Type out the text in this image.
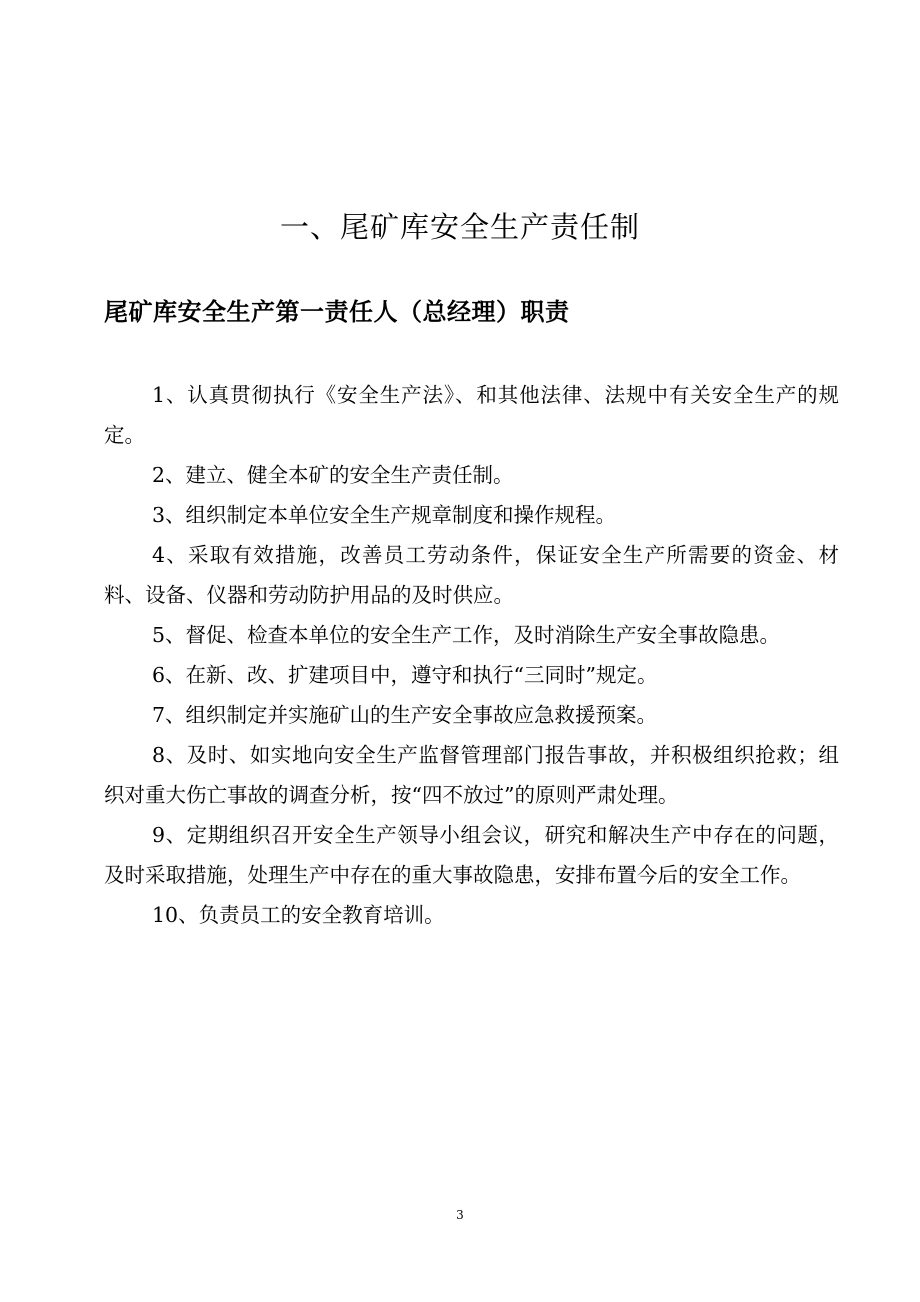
一、尾矿库安全生产责任制
尾矿库安全生产第一责任人（总经理）职责
1、认真贯彻执行《安全生产法》、和其他法律、法规中有关安全生产的规定。
2、建立、健全本矿的安全生产责任制。
3、组织制定本单位安全生产规章制度和操作规程。
4、采取有效措施，改善员工劳动条件，保证安全生产所需要的资金、材料、设备、仪器和劳动防护用品的及时供应。
5、督促、检查本单位的安全生产工作，及时消除生产安全事故隐患。
6、在新、改、扩建项目中，遵守和执行“三同时”规定。
7、组织制定并实施矿山的生产安全事故应急救援预案。
8、及时、如实地向安全生产监督管理部门报告事故，并积极组织抢救；组织对重大伤亡事故的调查分析，按“四不放过”的原则严肃处理。
9、定期组织召开安全生产领导小组会议，研究和解决生产中存在的问题，及时采取措施，处理生产中存在的重大事故隐患，安排布置今后的安全工作。
10、负责员工的安全教育培训。
3
